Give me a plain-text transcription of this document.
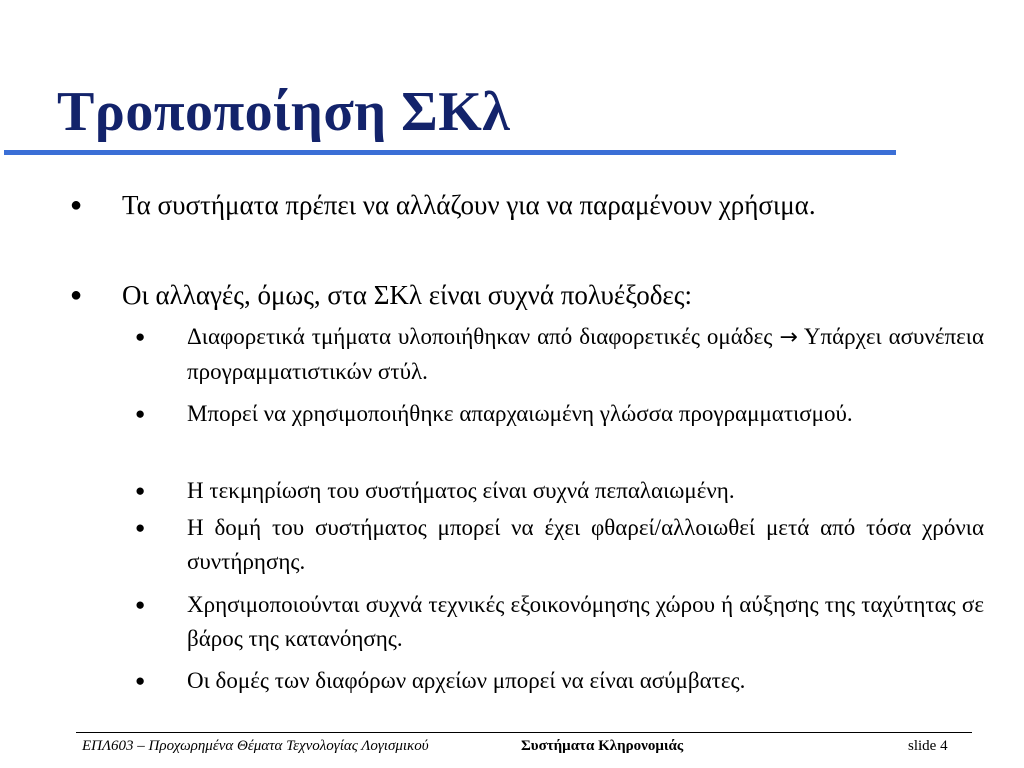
Τροποποίηση ΣΚλ
●	Τα συστήματα πρέπει να αλλάζουν για να παραμένουν χρήσιμα.
●	Οι αλλαγές, όμως, στα ΣΚλ είναι συχνά πολυέξοδες:
●	Διαφορετικά τμήματα υλοποιήθηκαν από διαφορετικές ομάδες → Υπάρχει ασυνέπεια προγραμματιστικών στύλ.
●	Μπορεί να χρησιμοποιήθηκε απαρχαιωμένη γλώσσα προγραμματισμού.
●	Η τεκμηρίωση του συστήματος είναι συχνά πεπαλαιωμένη.
●	Η δομή του συστήματος μπορεί να έχει φθαρεί/αλλοιωθεί μετά από τόσα χρόνια συντήρησης.
●	Χρησιμοποιούνται συχνά τεχνικές εξοικονόμησης χώρου ή αύξησης της ταχύτητας σε βάρος της κατανόησης.
●	Οι δομές των διαφόρων αρχείων μπορεί να είναι ασύμβατες.
ΕΠΛ603 – Προχωρημένα Θέματα Τεχνολογίας Λογισμικού	Συστήματα Κληρονομιάς	slide 4
